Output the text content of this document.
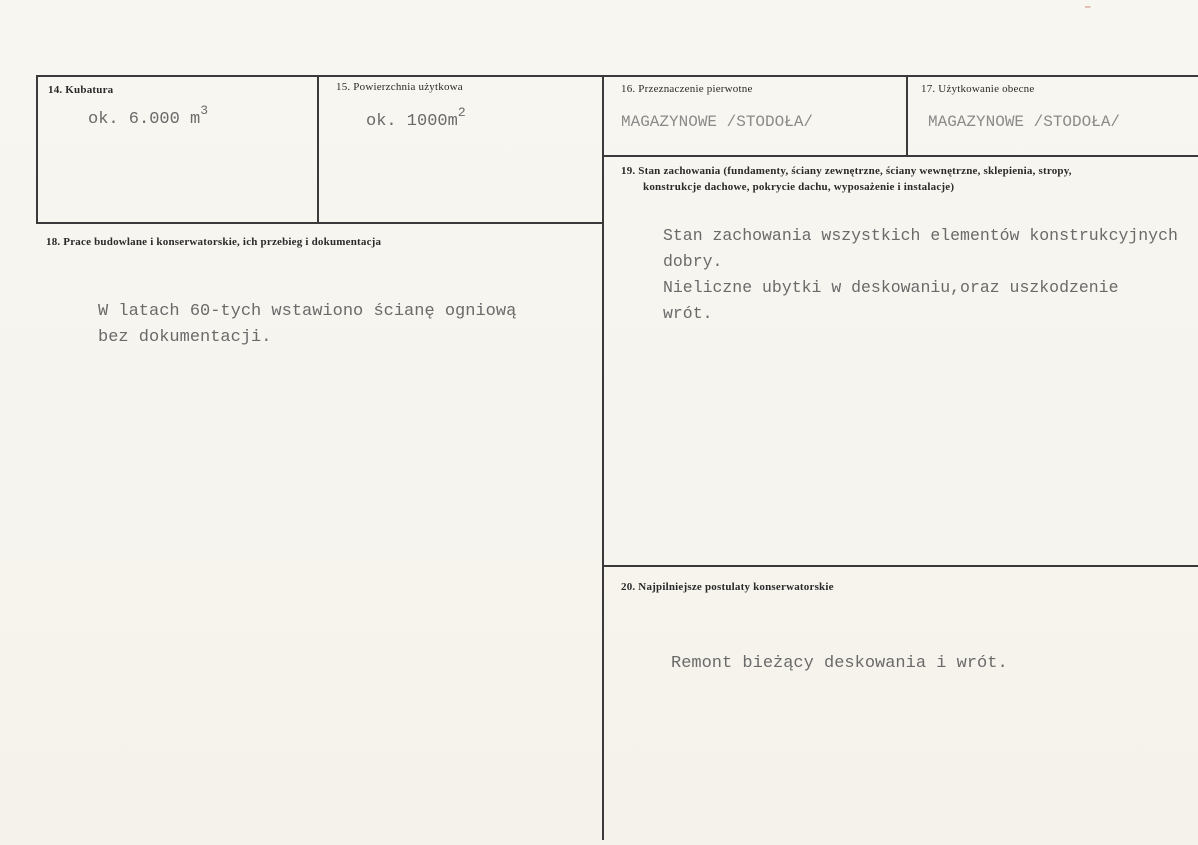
14. Kubatura
ok. 6.000 $m^3$
15. Powierzchnia użytkowa
ok. $1000m^2$
16. Przeznaczenie pierwotne
MAGAZYNOWE /STODOŁA/
17. Użytkowanie obecne
MAGAZYNOWE /STODOŁA/
19. Stan zachowania (fundamenty, ściany zewnętrzne, ściany wewnętrzne, sklepienia, stropy,
konstrukcje dachowe, pokrycie dachu, wyposażenie i instalacje)
Stan zachowania wszystkich elementów konstrukcyjnych
dobry.
Nieliczne ubytki w deskowaniu,oraz uszkodzenie
wrót.
18. Prace budowlane i konserwatorskie, ich przebieg i dokumentacja
W latach 60-tych wstawiono ścianę ogniową
bez dokumentacji.
20. Najpilniejsze postulaty konserwatorskie
Remont bieżący deskowania i wrót.
⁻
